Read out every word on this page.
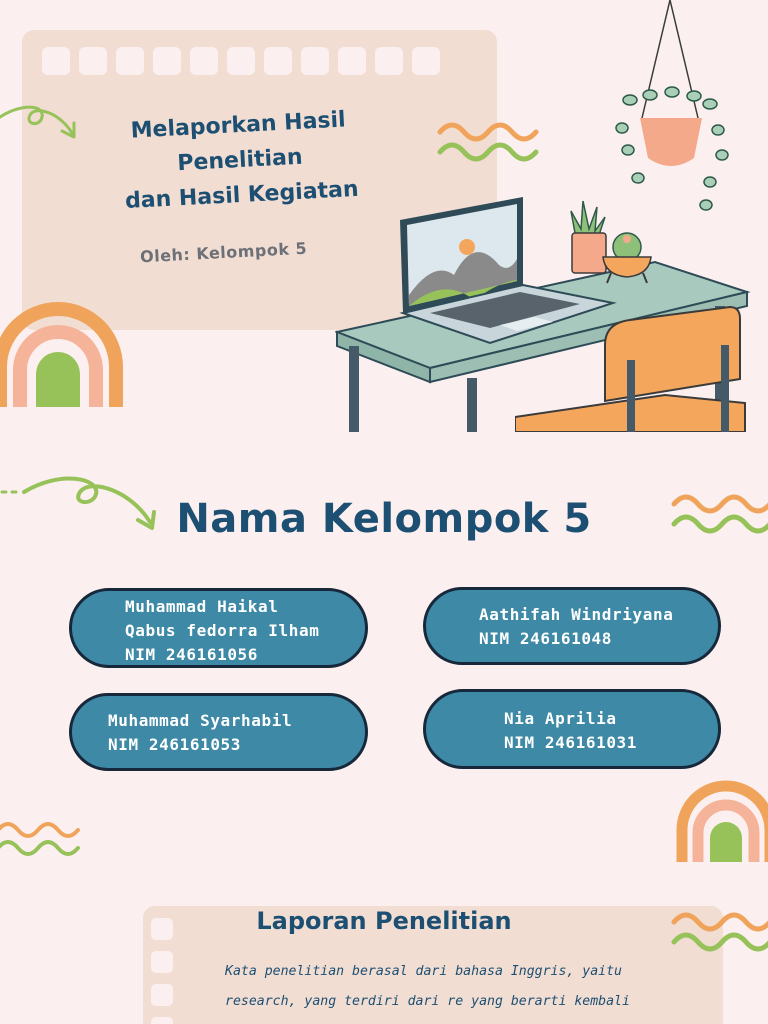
Melaporkan Hasil
Penelitian
dan Hasil Kegiatan
Oleh: Kelompok 5
Nama Kelompok 5
Muhammad Haikal
Qabus fedorra Ilham
NIM 246161056
Aathifah Windriyana
NIM 246161048
Muhammad Syarhabil
NIM 246161053
Nia Aprilia
NIM 246161031
Laporan Penelitian
Kata penelitian berasal dari bahasa Inggris, yaitu
research, yang terdiri dari re yang berarti kembali
